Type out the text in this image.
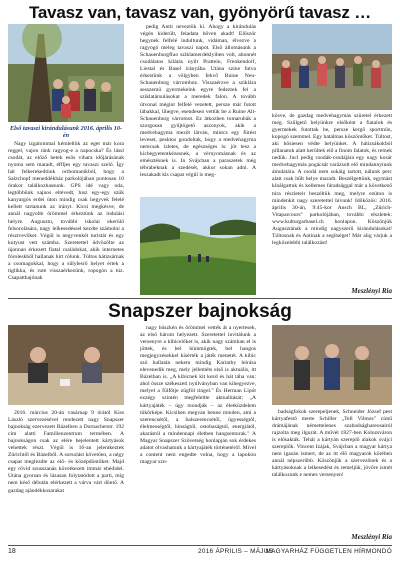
Tavasz van, tavasz van, gyönyörű tavasz …
Első tavaszi kirándulásunk 2016. április 10-én
Nagy izgalommal kémleltük az eget már kora reggel, vajon ránk ragyog-e a napocska? És lássl csodát, az előző hetek esős vihara időjárásának nyoma sem maradt, éffljes egy tavaszi szelő. Így hát felkerekedtünk orthomanikból, hogy a Salzchopf meneddékház parkolójában pontosan 10 órakor találkozhassunk. GPS idé vagy oda, legtöbbünk sajnos eltévedt, hisz egy-egy szük kanyargós erdei úton mindig csak hegyvek felelé kellett tartanunk az irányt. Kicsi megkésve, de annál nagyobb örömmel érkeztünk az indulási helyre. Augusztu, további iskolai ekerülő felsorolására, nagy lelkesedéssel kezdte számolni a résztvevőket. Végül is negyvenkét turistát és egy kutyust vett számba. Szeretettel üdvözölte az újonnan érkezett fiatal családokat, akik internetes fóroleskből hallanak hírt rólunk. Túltos hátizsárnak a csomagokkal, hogy a sűlylesrő helyet értek a tiglikka, és rute visszaérkezünk, ropogón a túz. Csapatthajónak
pedig Antit neveztük ki. Ahogy a kirándulás végén kiderült, feladata bőven akadt! Először hegynek felfelé indultunk, vidáman, élvezve a ragyogó meleg tavaszi napot. Első állomásunk a Schauenburgfluo sziklamerdeklyiben volt, ahonnét csodálatos kilátás nyílt Prattein, Frenkendorf, Liestal és Basel irányába. Utána színe futva érkeztünk a völgyben fekvő Ruine Neu-Schauenburg várromhoz. Visszaérzve a sziklára sesszemü gyermekeink egyre fedeztek fel a sziklatársulásokat a meredek falon. A tovább útvonal mégint felfelé vezetett, persze már futott lábakkal, lihegve, esendesen vettük be a Ruine Alt-Schauenburg várromot. Ez átkozhen tomarubák a szorgosan gyűjtögető aszonyok, akik a medvehagyma mezőt látván, mintcs egy fürést leveset, pesktos gondoltak, hogy a medvehagyma nemcsak ízletes, de egészséges is: jót tesz a kicbegyetentkézesnek, a vérnyomásnak és az emésztésnek is. In Svájcban a paraszetek még tébrabeknak a szedését, akkor sokan adni. A leszakadt kis csapat végül is meg-
kösve, de gazdag medvehagymás szüretel érkezett meg. Szűlgető helyünkre elsőként a fiatalok és gyermekek futottak be, persze kergő sportműn, kopogó szemmel. Egy hatalmas köszöntőket. Túltost, aki hősiesen védte helyünket. A hátizsákokból pillanatok alatt kerültek elő a finom falatok, és remek nedük. Jucl pedig csodák-csodájára egy nagy kosár medvehagymás pogácsát varázsolt elő mindannyiunk ámulatára. A csodá nem sokáig tartott, nálunk perc alatt csak hűlt helye maradt. Beszélgettünk, egymást kínálgattuk és kellemes fáradsággal már a következő túra részleteit beszéltük meg, melyre ezúton is mindenkit nagy szeretettel hívunk! Időközös: 2016. április 30-án, 9:45-kor Ansch BL, „Zürich-Vitaparcours" parkolójában, további részletek: www.kulturgarbasel.ch honlapon. Köszönjük Augusztának a mindig nagyszerű kirándulásokat! Túltosnak és Antinak a segítséget! Már alig várjuk a legközelebbi találkozást!
Meszlényi Ria
Snapszer bajnokság
2016. március 20-án vasárnap 9 órától Kiss László szervezésével rendezett nagy Snapszer bajnokság ezervezett Bázelben a Dornacherstr. 192 cím alatti Familienzentrum termében. A bajnokságon csak az elére bejelentett kártyások vehettek részt. Végül is 16-an jelentkeztek Zürichtől és Bázelből. A sorsolást követően, a négy csapat meglezdte az elő- és középdöntőket. Majd egy rövid szusszanás következett immár ebédidel. Utána gyorsan és lázasan folytatódott a parti, míg nem késő délután elérkezett a várva várt döntő. A gazdag ajándékkosarakat
nagy büszkén és örömmel vették át a nyertesek, az első három helyezett. Szeretettel invitálunk a versenyre a kibicelőket is, akik nagy számban el is jöttek, és bel hümmögtek, bel hangos megjegyzésekkel kísérték a játék menetét. A kibic szó hallatán nekem mindig Karinthy leírása elevenedik meg, mely jelleméts első is aktuális, itt Bázelban is. „A kibicnek kit kezd és hát táha van: ahol össze székeszeti nyúlványban van kihegyezve, melyel a fülfőtje zügföl tingel." És Herman Lipót ezzégy szintén megfeleltte aktualitását: „A kártyajáték – úgy mondják – az életküzdelem tükörképe. Kicsiben megvan benne minden, ami a szerencsétől, a balszerencsétől, ügyességtől, élelmességtől, hinságtól, ostobaságtól, energiától, akarástól a mindennapi életben hangsenturak." A Magyar Snapszer Szövetség honlapján sok érdekes adatot olvashatunk a kártyajáték történetéről. Mivel a content nem engedte volna, hogy a lapokon magyar szn-
badságfokok szerepeljenek, Schneider József pest kártyafestő merte Schiller „Tell Vilmos" című drámájának némettelenes szabadsághareosairól rajzolta meg ilgurát. A művét 1827-ben Kolozsváron is elősakták. Tehát a kártyán szereplő alakok svájci szereplők. Vincent Izájak, Svájcban a magyar kártya nem igazán ismert, de az itt élő magyarok körében annál népszerűbb. Köszönjük a szervezőnek és a kártyásoknak a lelkesedést és remeljük, jövőre ismét találkozunk e nemes versenyen!
Meszlényi Ria
18	2016 ÁPRILIS – MÁJUS
MAGYARHÁZ FÜGGETLEN HÍRMONDÓ
